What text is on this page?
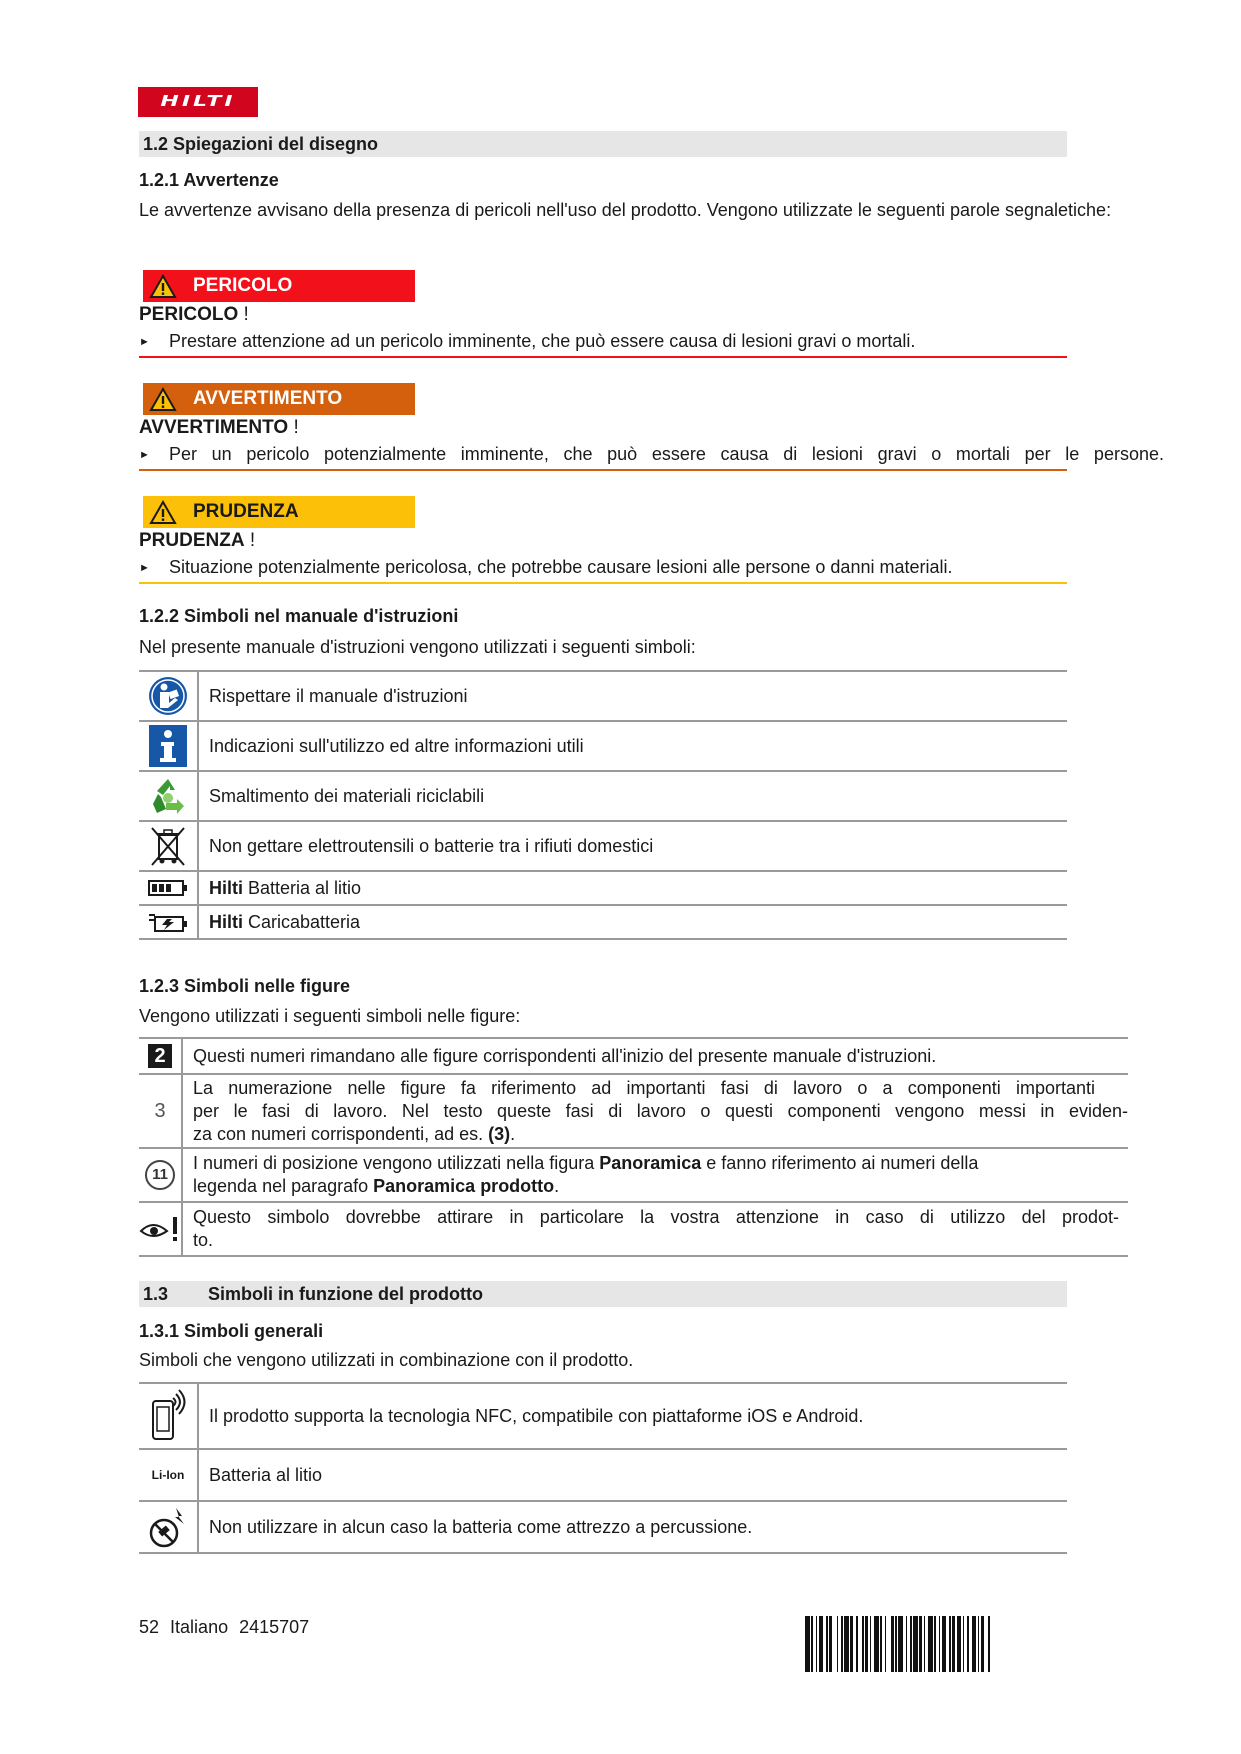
HILTI
1.2 Spiegazioni del disegno
1.2.1 Avvertenze
Le avvertenze avvisano della presenza di pericoli nell'uso del prodotto. Vengono utilizzate le seguenti parole segnaletiche:
PERICOLO
PERICOLO !
►	Prestare attenzione ad un pericolo imminente, che può essere causa di lesioni gravi o mortali.
AVVERTIMENTO
AVVERTIMENTO !
►	Per un pericolo potenzialmente imminente, che può essere causa di lesioni gravi o mortali per le persone.
PRUDENZA
PRUDENZA !
►	Situazione potenzialmente pericolosa, che potrebbe causare lesioni alle persone o danni materiali.
1.2.2 Simboli nel manuale d'istruzioni
Nel presente manuale d'istruzioni vengono utilizzati i seguenti simboli:
	Rispettare il manuale d'istruzioni

	Indicazioni sull'utilizzo ed altre informazioni utili

	Smaltimento dei materiali riciclabili

	Non gettare elettroutensili o batterie tra i rifiuti domestici

	Hilti Batteria al litio

	Hilti Caricabatteria
1.2.3 Simboli nelle figure
Vengono utilizzati i seguenti simboli nelle figure:
2	Questi numeri rimandano alle figure corrispondenti all'inizio del presente manuale d'istruzioni.
3	La numerazione nelle figure fa riferimento ad importanti fasi di lavoro o a componenti importanti
per le fasi di lavoro. Nel testo queste fasi di lavoro o questi componenti vengono messi in eviden-
za con numeri corrispondenti, ad es. (3).

11	I numeri di posizione vengono utilizzati nella figura Panoramica e fanno riferimento ai numeri della
legenda nel paragrafo Panoramica prodotto.

Questo simbolo dovrebbe attirare in particolare la vostra attenzione in caso di utilizzo del prodot-
to.
1.3 Simboli in funzione del prodotto
1.3.1 Simboli generali
Simboli che vengono utilizzati in combinazione con il prodotto.
	Il prodotto supporta la tecnologia NFC, compatibile con piattaforme iOS e Android.
Li-Ion	Batteria al litio

	Non utilizzare in alcun caso la batteria come attrezzo a percussione.
52 Italiano 2415707
